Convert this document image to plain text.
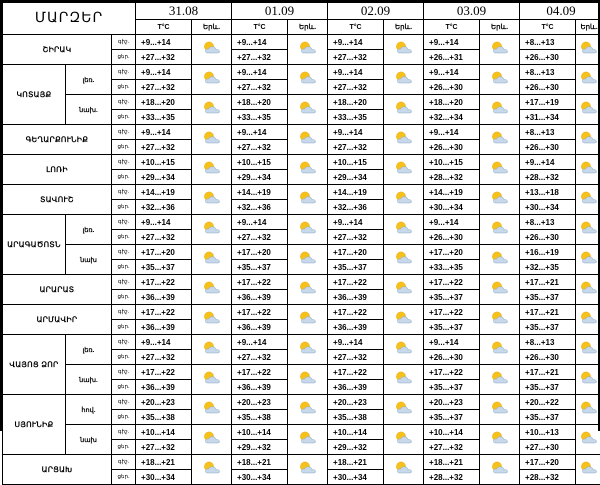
ՄԱՐԶԵՐ			31.08		01.09		02.09		03.09		04.09	
			T°C	Երև.	T°C	Երև.	T°C	Երև.	T°C	Երև.	T°C	Երև.
ՇԻՐԱԿ		գիշ.	+9...+14		+9...+14		+9...+14		+9...+14		+8...+13	
		ցեր.	+27...+32		+27...+32		+27...+32		+26...+31		+26...+30	
ԿՈՏԱՅՔ	լեռ.	գիշ.	+9...+14		+9...+14		+9...+14		+9...+14		+8...+13	
		ցեր.	+27...+32		+27...+32		+27...+32		+26...+30		+26...+30	
	նախ.	գիշ.	+18...+20		+18...+20		+18...+20		+18...+20		+17...+19	
		ցեր.	+33...+35		+33...+35		+33...+35		+32...+34		+31...+34	
ԳԵՂԱՐՔՈՒՆԻՔ		գիշ.	+9...+14		+9...+14		+9...+14		+9...+14		+8...+13	
		ցեր.	+27...+32		+27...+32		+27...+32		+26...+30		+26...+30	
ԼՈՌԻ		գիշ.	+10...+15		+10...+15		+10...+15		+10...+15		+9...+14	
		ցեր.	+29...+34		+29...+34		+29...+34		+28...+32		+28...+32	
ՏԱՎՈՒՇ		գիշ.	+14...+19		+14...+19		+14...+19		+14...+19		+13...+18	
		ցեր.	+32...+36		+32...+36		+32...+36		+30...+34		+30...+34	
ԱՐԱԳԱԾՈՏՆ	լեռ.	գիշ.	+9...+14		+9...+14		+9...+14		+9...+14		+8...+13	
		ցեր.	+27...+32		+27...+32		+27...+32		+26...+30		+26...+30	
	նախ	գիշ.	+17...+20		+17...+20		+17...+20		+17...+20		+16...+19	
		ցեր.	+35...+37		+35...+37		+35...+37		+33...+35		+32...+35	
ԱՐԱՐԱՏ		գիշ.	+17...+22		+17...+22		+17...+22		+17...+22		+17...+21	
		ցեր.	+36...+39		+36...+39		+36...+39		+35...+37		+35...+37	
ԱՐՄԱՎԻՐ		գիշ.	+17...+22		+17...+22		+17...+22		+17...+22		+17...+21	
		ցեր.	+36...+39		+36...+39		+36...+39		+35...+37		+35...+37	
ՎԱՅՈՑ ՁՈՐ	լեռ.	գիշ.	+9...+14		+9...+14		+9...+14		+9...+14		+8...+13	
		ցեր.	+27...+32		+27...+32		+27...+32		+26...+30		+26...+30	
	նախ.	գիշ.	+17...+22		+17...+22		+17...+22		+17...+22		+17...+21	
		ցեր.	+36...+39		+36...+39		+36...+39		+35...+37		+35...+37	
ՍՅՈՒՆԻՔ	հով.	գիշ.	+20...+23		+20...+23		+20...+23		+20...+23		+20...+22	
		ցեր.	+35...+38		+35...+38		+35...+38		+35...+37		+35...+37	
	նախ	գիշ.	+10...+14		+10...+14		+10...+14		+10...+14		+10...+13	
		ցեր.	+27...+32		+29...+32		+29...+32		+27...+32		+27...+30	
ԱՐՑԱԽ		գիշ.	+18...+21		+18...+21		+18...+21		+18...+21		+17...+20	
		ցեր.	+30...+34		+30...+34		+30...+34		+28...+32		+28...+32	
